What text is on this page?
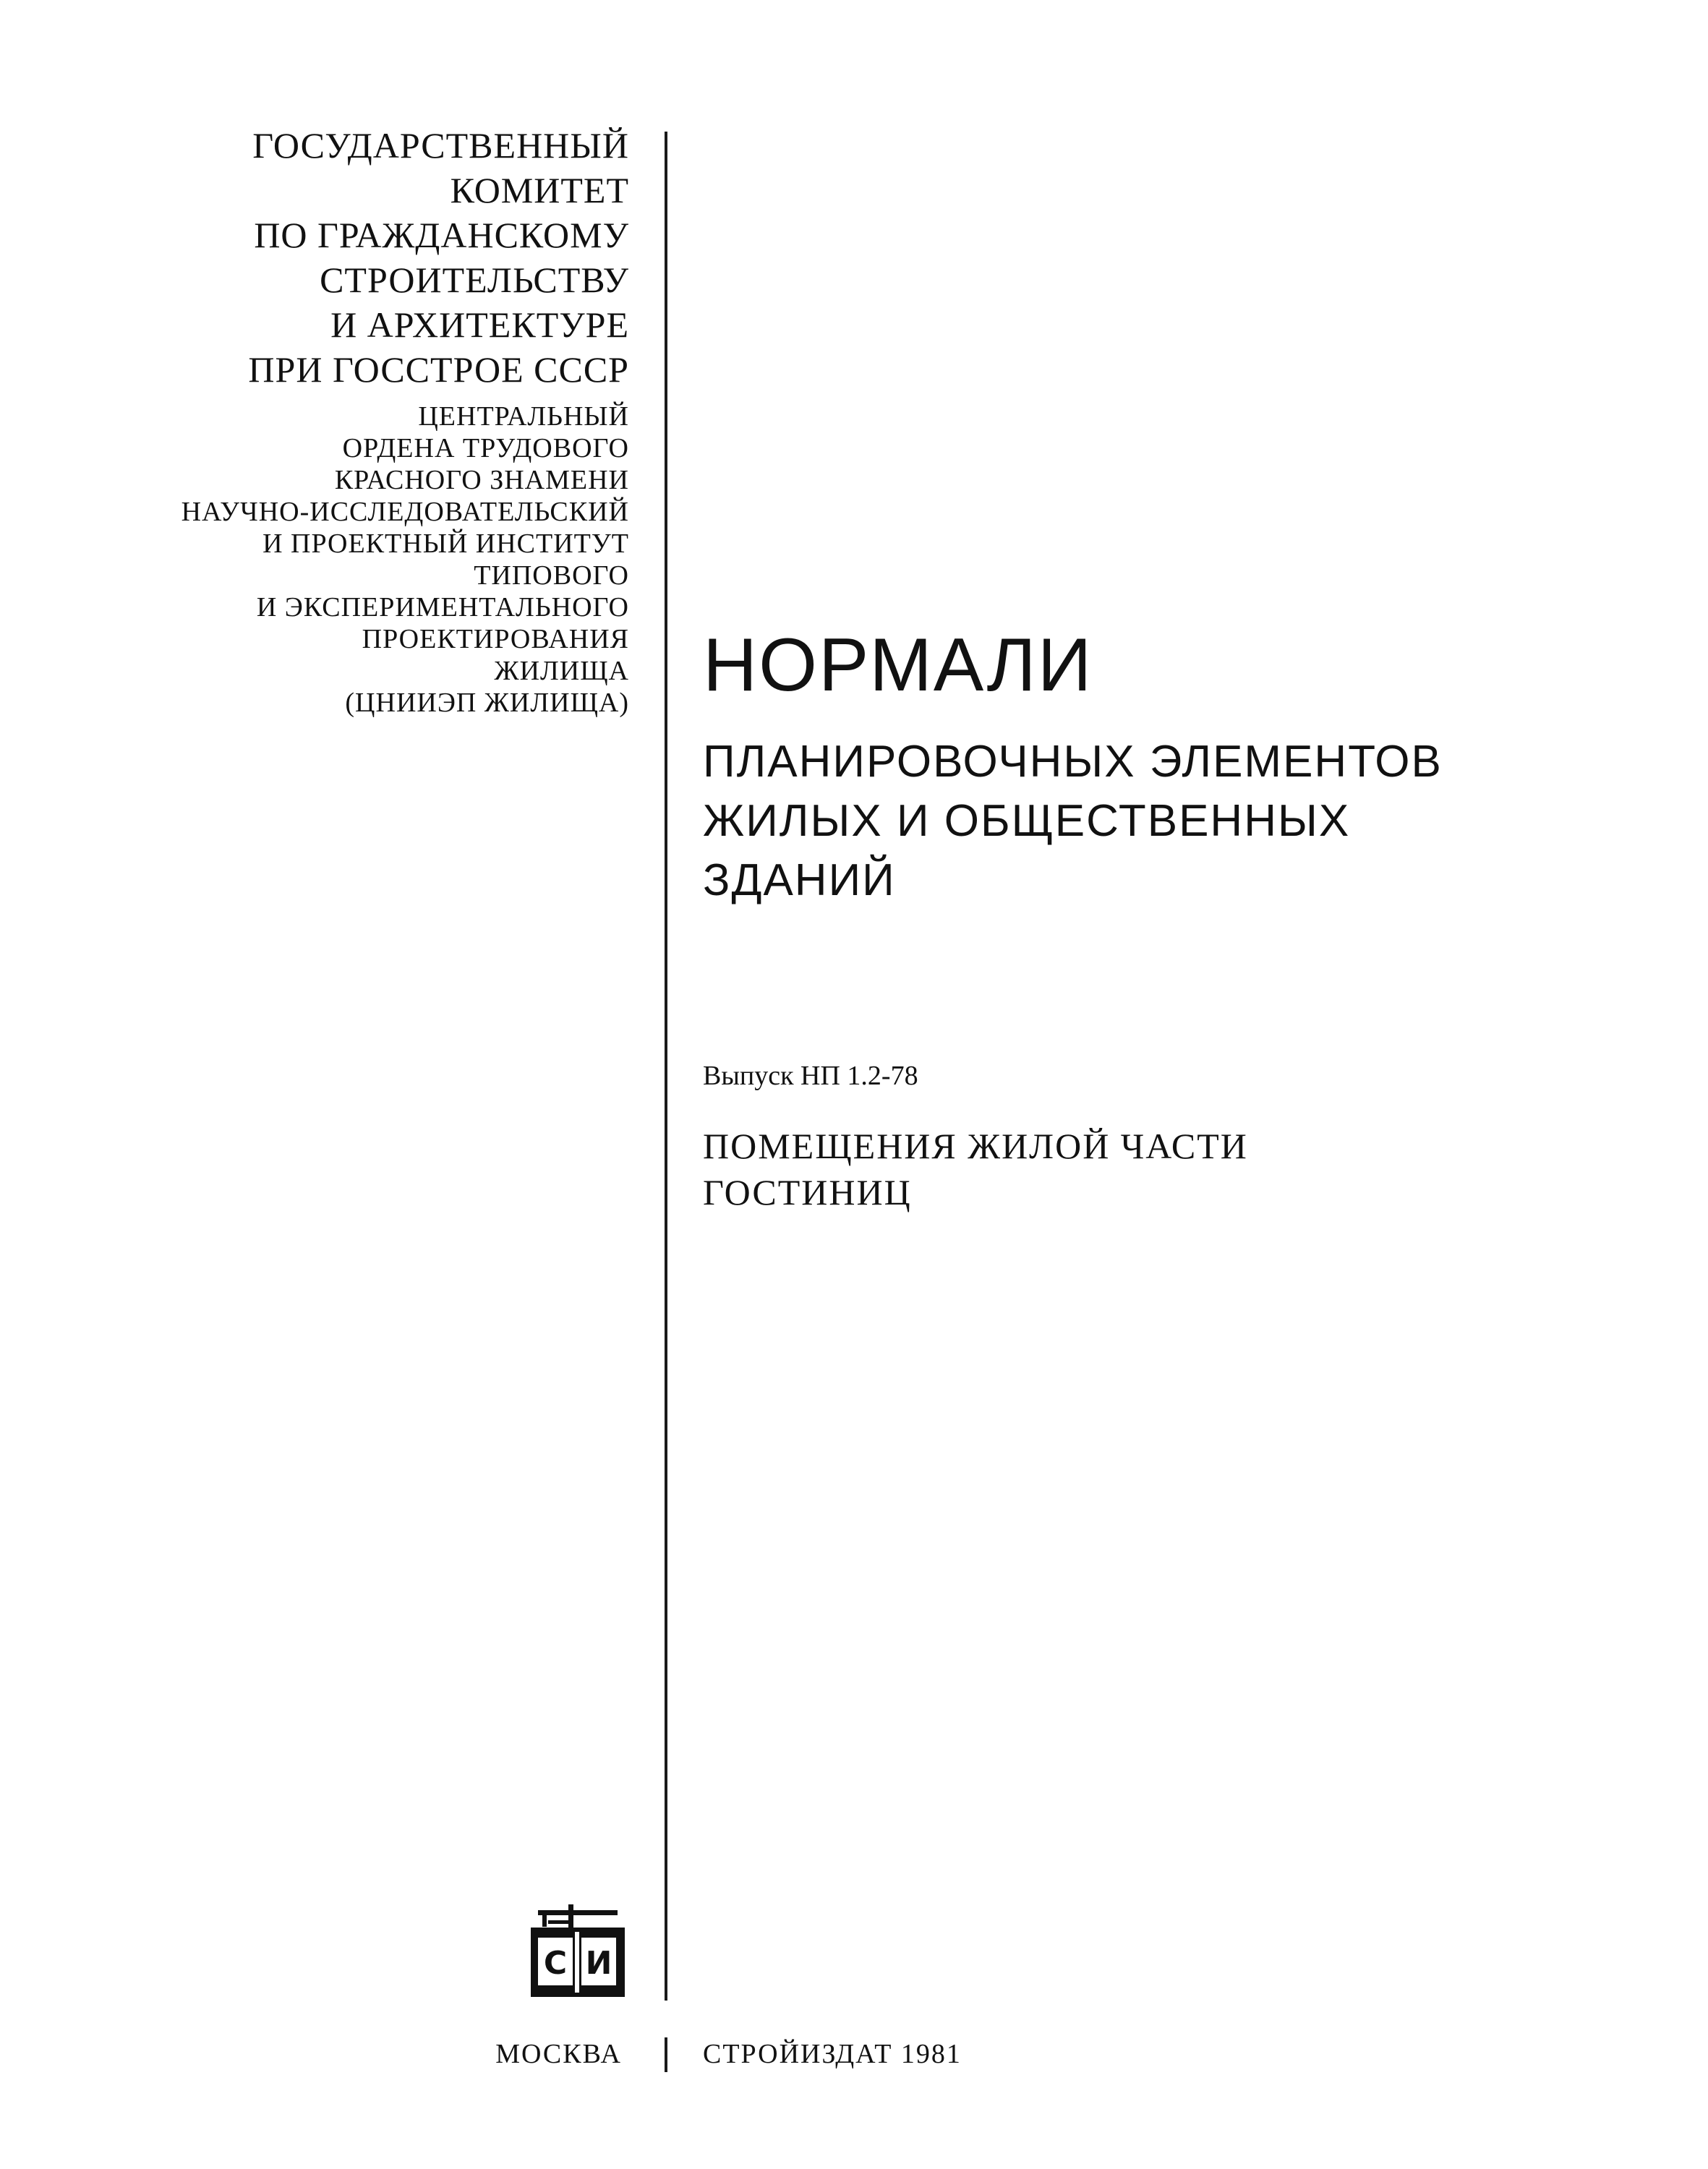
ГОСУДАРСТВЕННЫЙ
КОМИТЕТ
ПО ГРАЖДАНСКОМУ
СТРОИТЕЛЬСТВУ
И АРХИТЕКТУРЕ
ПРИ ГОССТРОЕ СССР
ЦЕНТРАЛЬНЫЙ
ОРДЕНА ТРУДОВОГО
КРАСНОГО ЗНАМЕНИ
НАУЧНО-ИССЛЕДОВАТЕЛЬСКИЙ
И ПРОЕКТНЫЙ ИНСТИТУТ
ТИПОВОГО
И ЭКСПЕРИМЕНТАЛЬНОГО
ПРОЕКТИРОВАНИЯ
ЖИЛИЩА
(ЦНИИЭП ЖИЛИЩА) НОРМАЛИ
ПЛАНИРОВОЧНЫХ ЭЛЕМЕНТОВ
ЖИЛЫХ И ОБЩЕСТВЕННЫХ
ЗДАНИЙ
Выпуск НП 1.2-78
ПОМЕЩЕНИЯ ЖИЛОЙ ЧАСТИ
ГОСТИНИЦ
С И
МОСКВА	СТРОЙИЗДАТ 1981
